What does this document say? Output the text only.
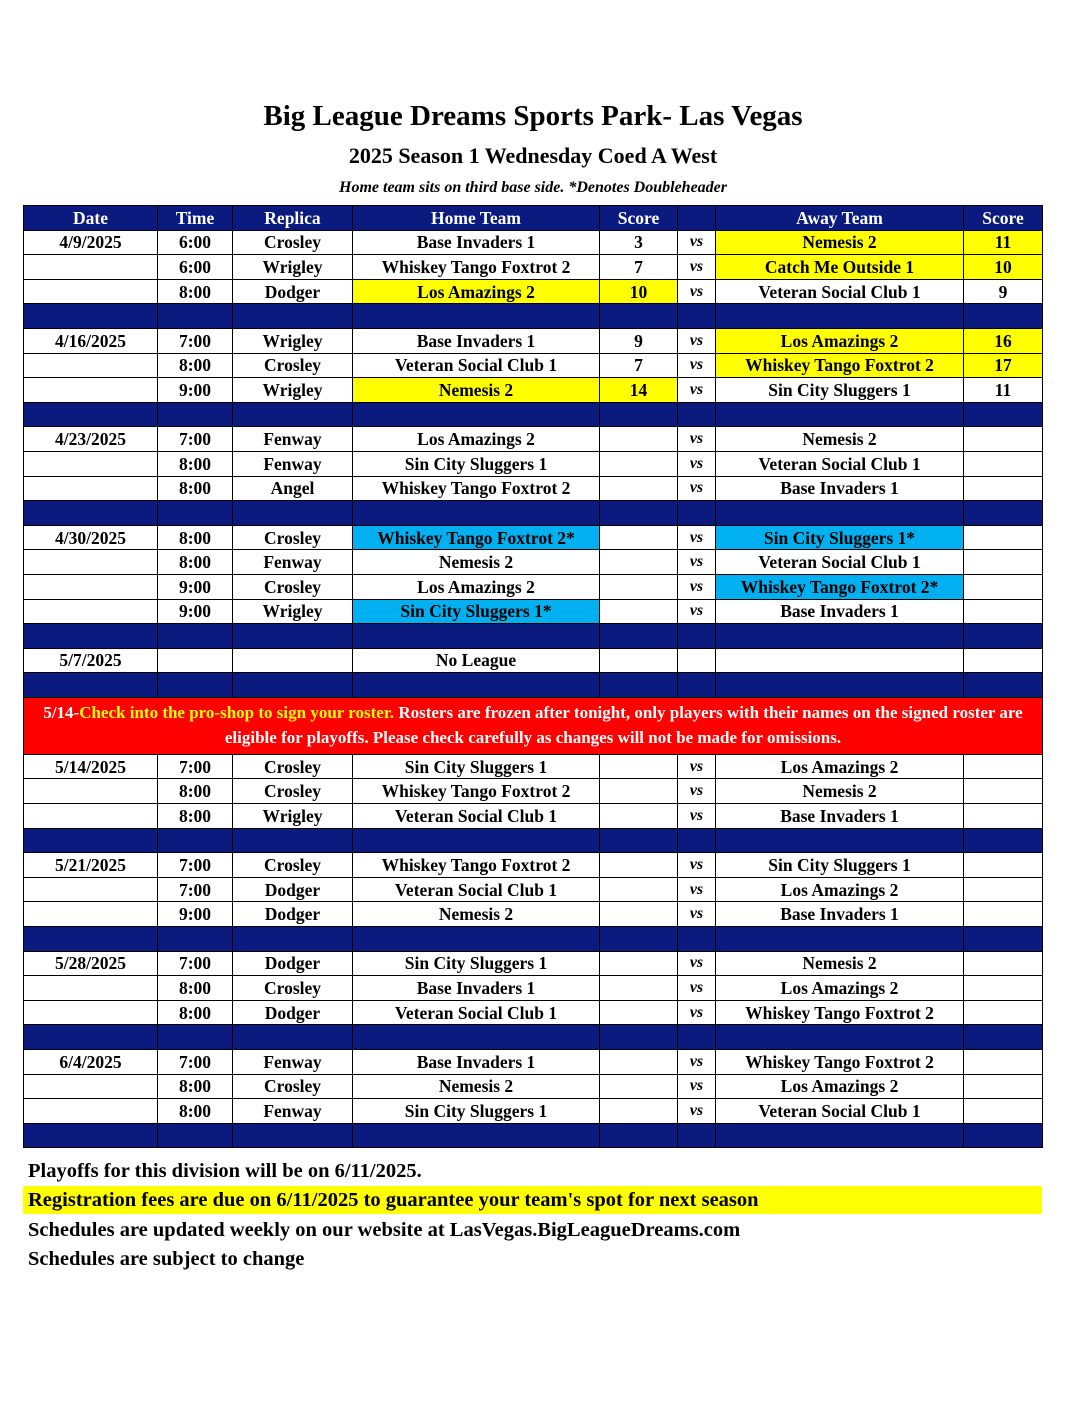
Big League Dreams Sports Park- Las Vegas
2025 Season 1 Wednesday Coed A West
Home team sits on third base side. *Denotes Doubleheader
Date	Time	Replica	Home Team	Score		Away Team	Score
4/9/2025	6:00	Crosley	Base Invaders 1	3	vs	Nemesis 2	11
	6:00	Wrigley	Whiskey Tango Foxtrot 2	7	vs	Catch Me Outside 1	10
	8:00	Dodger	Los Amazings 2	10	vs	Veteran Social Club 1	9

4/16/2025	7:00	Wrigley	Base Invaders 1	9	vs	Los Amazings 2	16
	8:00	Crosley	Veteran Social Club 1	7	vs	Whiskey Tango Foxtrot 2	17
	9:00	Wrigley	Nemesis 2	14	vs	Sin City Sluggers 1	11

4/23/2025	7:00	Fenway	Los Amazings 2		vs	Nemesis 2	
	8:00	Fenway	Sin City Sluggers 1		vs	Veteran Social Club 1	
	8:00	Angel	Whiskey Tango Foxtrot 2		vs	Base Invaders 1	

4/30/2025	8:00	Crosley	Whiskey Tango Foxtrot 2*		vs	Sin City Sluggers 1*	
	8:00	Fenway	Nemesis 2		vs	Veteran Social Club 1	
	9:00	Crosley	Los Amazings 2		vs	Whiskey Tango Foxtrot 2*	
	9:00	Wrigley	Sin City Sluggers 1*		vs	Base Invaders 1	

5/7/2025			No League				

5/14-Check into the pro-shop to sign your roster. Rosters are frozen after tonight, only players with their names on the signed roster are eligible for playoffs. Please check carefully as changes will not be made for omissions.							
5/14/2025	7:00	Crosley	Sin City Sluggers 1		vs	Los Amazings 2	
	8:00	Crosley	Whiskey Tango Foxtrot 2		vs	Nemesis 2	
	8:00	Wrigley	Veteran Social Club 1		vs	Base Invaders 1	

5/21/2025	7:00	Crosley	Whiskey Tango Foxtrot 2		vs	Sin City Sluggers 1	
	7:00	Dodger	Veteran Social Club 1		vs	Los Amazings 2	
	9:00	Dodger	Nemesis 2		vs	Base Invaders 1	

5/28/2025	7:00	Dodger	Sin City Sluggers 1		vs	Nemesis 2	
	8:00	Crosley	Base Invaders 1		vs	Los Amazings 2	
	8:00	Dodger	Veteran Social Club 1		vs	Whiskey Tango Foxtrot 2	

6/4/2025	7:00	Fenway	Base Invaders 1		vs	Whiskey Tango Foxtrot 2	
	8:00	Crosley	Nemesis 2		vs	Los Amazings 2	
	8:00	Fenway	Sin City Sluggers 1		vs	Veteran Social Club 1	

Playoffs for this division will be on 6/11/2025.
Registration fees are due on 6/11/2025 to guarantee your team's spot for next season
Schedules are updated weekly on our website at LasVegas.BigLeagueDreams.com
Schedules are subject to change
